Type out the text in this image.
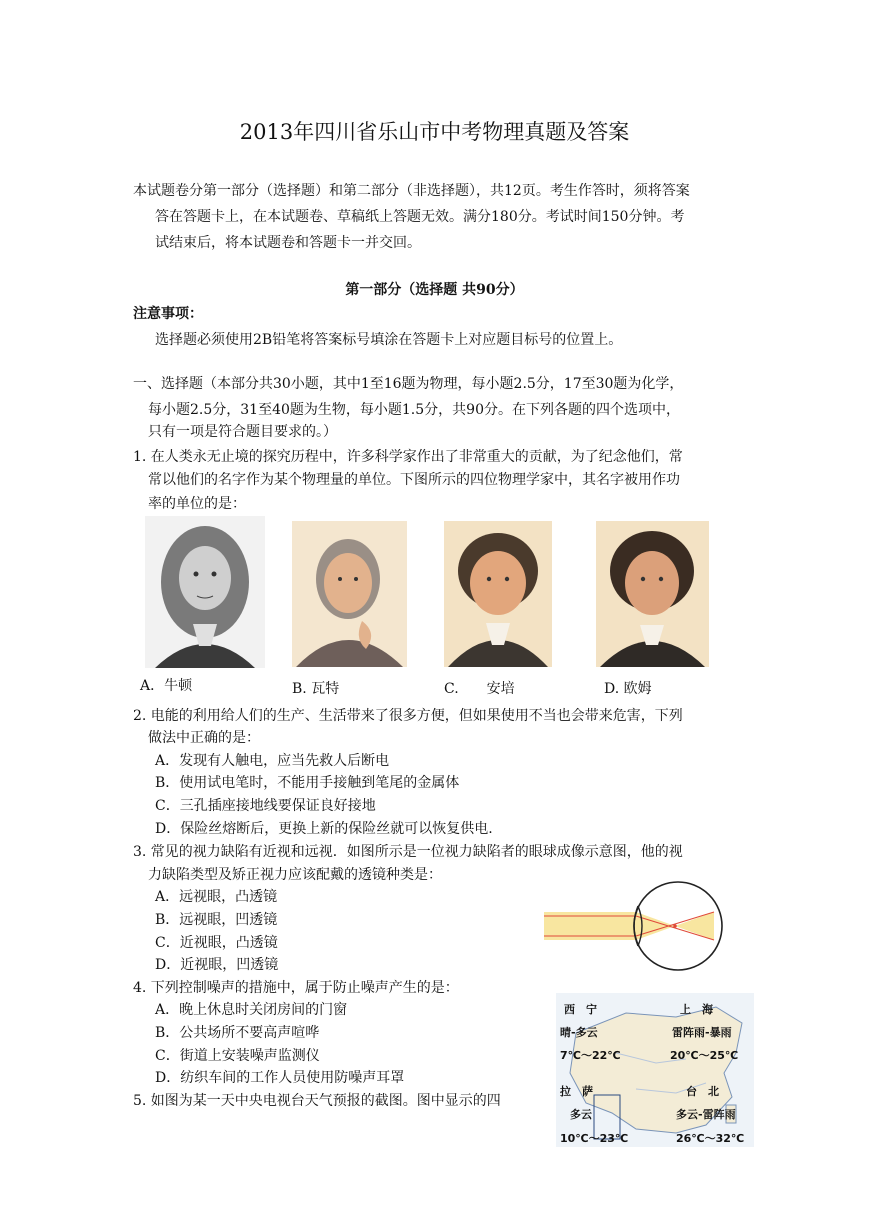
2013年四川省乐山市中考物理真题及答案
本试题卷分第一部分（选择题）和第二部分（非选择题），共12页。考生作答时，须将答案
答在答题卡上，在本试题卷、草稿纸上答题无效。满分180分。考试时间150分钟。考
试结束后，将本试题卷和答题卡一并交回。
第一部分（选择题 共90分）
注意事项：
选择题必须使用2B铅笔将答案标号填涂在答题卡上对应题目标号的位置上。
一、选择题（本部分共30小题，其中1至16题为物理，每小题2.5分，17至30题为化学，
每小题2.5分，31至40题为生物，每小题1.5分，共90分。在下列各题的四个选项中，
只有一项是符合题目要求的。）
1. 在人类永无止境的探究历程中，许多科学家作出了非常重大的贡献，为了纪念他们，常
常以他们的名字作为某个物理量的单位。下图所示的四位物理学家中，其名字被用作功
率的单位的是：
A．牛顿	B. 瓦特	C.　　安培	D. 欧姆
2. 电能的利用给人们的生产、生活带来了很多方便，但如果使用不当也会带来危害，下列
做法中正确的是：
A．发现有人触电，应当先救人后断电
B．使用试电笔时，不能用手接触到笔尾的金属体
C．三孔插座接地线要保证良好接地
D．保险丝熔断后，更换上新的保险丝就可以恢复供电.
3. 常见的视力缺陷有近视和远视．如图所示是一位视力缺陷者的眼球成像示意图，他的视
力缺陷类型及矫正视力应该配戴的透镜种类是：
A．远视眼，凸透镜
B．远视眼，凹透镜
C．近视眼，凸透镜
D．近视眼，凹透镜
4. 下列控制噪声的措施中，属于防止噪声产生的是：
A．晚上休息时关闭房间的门窗
B．公共场所不要高声喧哗
C．街道上安装噪声监测仪
D．纺织车间的工作人员使用防噪声耳罩
5. 如图为某一天中央电视台天气预报的截图。图中显示的四
西　宁
晴-多云
7℃～22℃
上　海
雷阵雨-暴雨
20℃～25℃
拉　萨
多云
10℃～23℃
台　北
多云-雷阵雨
26℃～32℃
